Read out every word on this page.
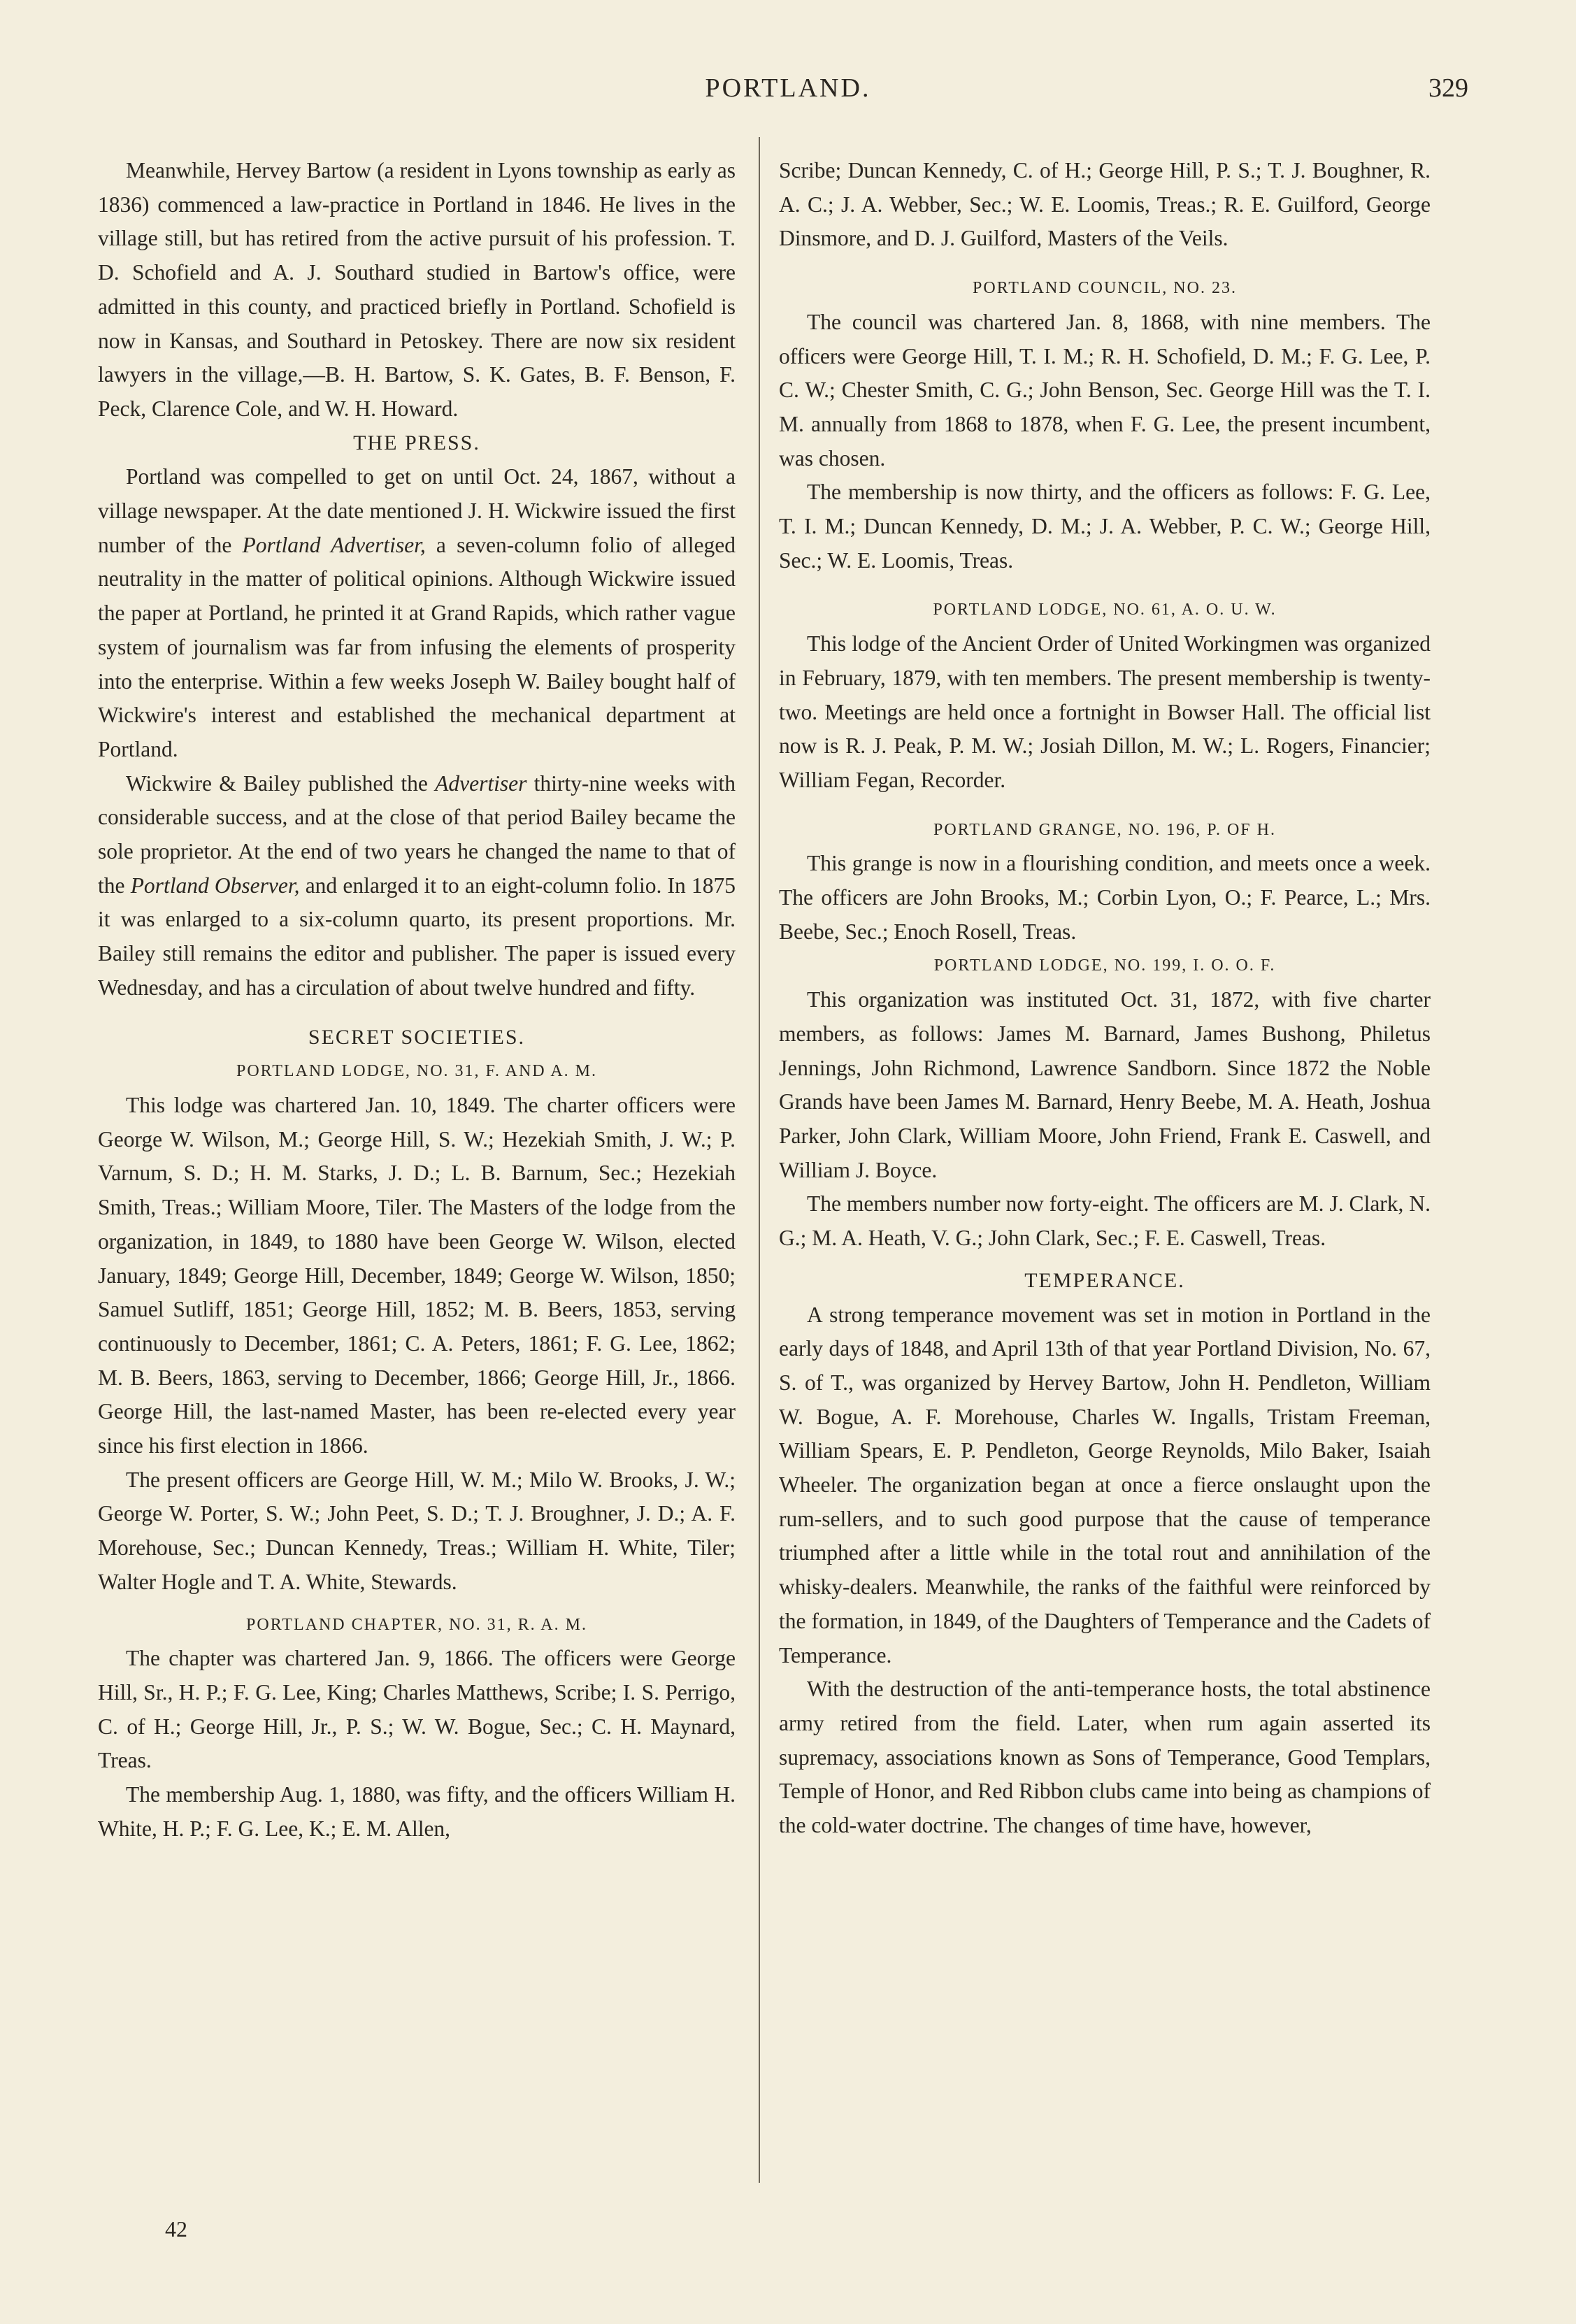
PORTLAND.	329

Meanwhile, Hervey Bartow (a resident in Lyons township as early as 1836) commenced a law-practice in Portland in 1846. He lives in the village still, but has retired from the active pursuit of his profession. T. D. Schofield and A. J. Southard studied in Bartow's office, were admitted in this county, and practiced briefly in Portland. Schofield is now in Kansas, and Southard in Petoskey. There are now six resident lawyers in the village,—B. H. Bartow, S. K. Gates, B. F. Benson, F. Peck, Clarence Cole, and W. H. Howard.

THE PRESS.

Portland was compelled to get on until Oct. 24, 1867, without a village newspaper. At the date mentioned J. H. Wickwire issued the first number of the Portland Advertiser, a seven-column folio of alleged neutrality in the matter of political opinions. Although Wickwire issued the paper at Portland, he printed it at Grand Rapids, which rather vague system of journalism was far from infusing the elements of prosperity into the enterprise. Within a few weeks Joseph W. Bailey bought half of Wickwire's interest and established the mechanical department at Portland.

Wickwire & Bailey published the Advertiser thirty-nine weeks with considerable success, and at the close of that period Bailey became the sole proprietor. At the end of two years he changed the name to that of the Portland Observer, and enlarged it to an eight-column folio. In 1875 it was enlarged to a six-column quarto, its present proportions. Mr. Bailey still remains the editor and publisher. The paper is issued every Wednesday, and has a circulation of about twelve hundred and fifty.

SECRET SOCIETIES.
PORTLAND LODGE, NO. 31, F. AND A. M.

This lodge was chartered Jan. 10, 1849. The charter officers were George W. Wilson, M.; George Hill, S. W.; Hezekiah Smith, J. W.; P. Varnum, S. D.; H. M. Starks, J. D.; L. B. Barnum, Sec.; Hezekiah Smith, Treas.; William Moore, Tiler. The Masters of the lodge from the organization, in 1849, to 1880 have been George W. Wilson, elected January, 1849; George Hill, December, 1849; George W. Wilson, 1850; Samuel Sutliff, 1851; George Hill, 1852; M. B. Beers, 1853, serving continuously to December, 1861; C. A. Peters, 1861; F. G. Lee, 1862; M. B. Beers, 1863, serving to December, 1866; George Hill, Jr., 1866. George Hill, the last-named Master, has been re-elected every year since his first election in 1866.

The present officers are George Hill, W. M.; Milo W. Brooks, J. W.; George W. Porter, S. W.; John Peet, S. D.; T. J. Broughner, J. D.; A. F. Morehouse, Sec.; Duncan Kennedy, Treas.; William H. White, Tiler; Walter Hogle and T. A. White, Stewards.

PORTLAND CHAPTER, NO. 31, R. A. M.

The chapter was chartered Jan. 9, 1866. The officers were George Hill, Sr., H. P.; F. G. Lee, King; Charles Matthews, Scribe; I. S. Perrigo, C. of H.; George Hill, Jr., P. S.; W. W. Bogue, Sec.; C. H. Maynard, Treas.

The membership Aug. 1, 1880, was fifty, and the officers William H. White, H. P.; F. G. Lee, K.; E. M. Allen,

42

Scribe; Duncan Kennedy, C. of H.; George Hill, P. S.; T. J. Boughner, R. A. C.; J. A. Webber, Sec.; W. E. Loomis, Treas.; R. E. Guilford, George Dinsmore, and D. J. Guilford, Masters of the Veils.

PORTLAND COUNCIL, NO. 23.

The council was chartered Jan. 8, 1868, with nine members. The officers were George Hill, T. I. M.; R. H. Schofield, D. M.; F. G. Lee, P. C. W.; Chester Smith, C. G.; John Benson, Sec. George Hill was the T. I. M. annually from 1868 to 1878, when F. G. Lee, the present incumbent, was chosen.

The membership is now thirty, and the officers as follows: F. G. Lee, T. I. M.; Duncan Kennedy, D. M.; J. A. Webber, P. C. W.; George Hill, Sec.; W. E. Loomis, Treas.

PORTLAND LODGE, NO. 61, A. O. U. W.

This lodge of the Ancient Order of United Workingmen was organized in February, 1879, with ten members. The present membership is twenty-two. Meetings are held once a fortnight in Bowser Hall. The official list now is R. J. Peak, P. M. W.; Josiah Dillon, M. W.; L. Rogers, Financier; William Fegan, Recorder.

PORTLAND GRANGE, NO. 196, P. OF H.

This grange is now in a flourishing condition, and meets once a week. The officers are John Brooks, M.; Corbin Lyon, O.; F. Pearce, L.; Mrs. Beebe, Sec.; Enoch Rosell, Treas.

PORTLAND LODGE, NO. 199, I. O. O. F.

This organization was instituted Oct. 31, 1872, with five charter members, as follows: James M. Barnard, James Bushong, Philetus Jennings, John Richmond, Lawrence Sandborn. Since 1872 the Noble Grands have been James M. Barnard, Henry Beebe, M. A. Heath, Joshua Parker, John Clark, William Moore, John Friend, Frank E. Caswell, and William J. Boyce.

The members number now forty-eight. The officers are M. J. Clark, N. G.; M. A. Heath, V. G.; John Clark, Sec.; F. E. Caswell, Treas.

TEMPERANCE.

A strong temperance movement was set in motion in Portland in the early days of 1848, and April 13th of that year Portland Division, No. 67, S. of T., was organized by Hervey Bartow, John H. Pendleton, William W. Bogue, A. F. Morehouse, Charles W. Ingalls, Tristam Freeman, William Spears, E. P. Pendleton, George Reynolds, Milo Baker, Isaiah Wheeler. The organization began at once a fierce onslaught upon the rum-sellers, and to such good purpose that the cause of temperance triumphed after a little while in the total rout and annihilation of the whisky-dealers. Meanwhile, the ranks of the faithful were reinforced by the formation, in 1849, of the Daughters of Temperance and the Cadets of Temperance.

With the destruction of the anti-temperance hosts, the total abstinence army retired from the field. Later, when rum again asserted its supremacy, associations known as Sons of Temperance, Good Templars, Temple of Honor, and Red Ribbon clubs came into being as champions of the cold-water doctrine. The changes of time have, however,
